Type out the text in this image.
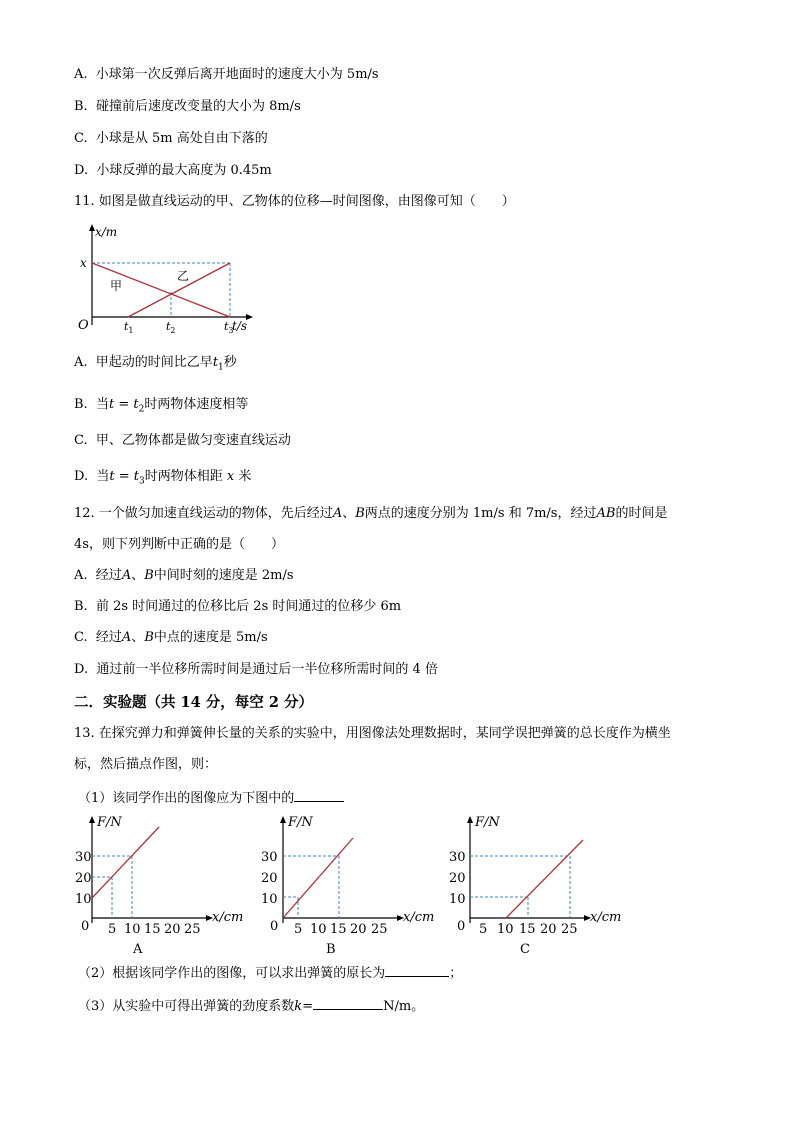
A. 小球第一次反弹后离开地面时的速度大小为 5m/s
B. 碰撞前后速度改变量的大小为 8m/s
C. 小球是从 5m 高处自由下落的
D. 小球反弹的最大高度为 0.45m
11. 如图是做直线运动的甲、乙物体的位移—时间图像，由图像可知（　　）
x/m
x
O	t/s
甲
乙
$t_1$	$t_2$	$t_3$
A. 甲起动的时间比乙早$t_1$秒
B. 当$t = t_2$时两物体速度相等
C. 甲、乙物体都是做匀变速直线运动
D. 当$t = t_3$时两物体相距 x 米
12. 一个做匀加速直线运动的物体，先后经过A、B两点的速度分别为 1m/s 和 7m/s，经过AB的时间是
4s，则下列判断中正确的是（　　）
A. 经过A、B中间时刻的速度是 2m/s
B. 前 2s 时间通过的位移比后 2s 时间通过的位移少 6m
C. 经过A、B中点的速度是 5m/s
D. 通过前一半位移所需时间是通过后一半位移所需时间的 4 倍
二．实验题（共 14 分，每空 2 分）
13. 在探究弹力和弹簧伸长量的关系的实验中，用图像法处理数据时，某同学误把弹簧的总长度作为横坐
标，然后描点作图，则：
（1）该同学作出的图像应为下图中的
F/N
x/cm
30
20
10
0 5 10 15 20 25
A
F/N
x/cm
30
20
10
0 5 10 15 20 25
B
F/N
x/cm
30
20
10
0 5 10 15 20 25
C
（2）根据该同学作出的图像，可以求出弹簧的原长为	；
（3）从实验中可得出弹簧的劲度系数k=	N/m。
